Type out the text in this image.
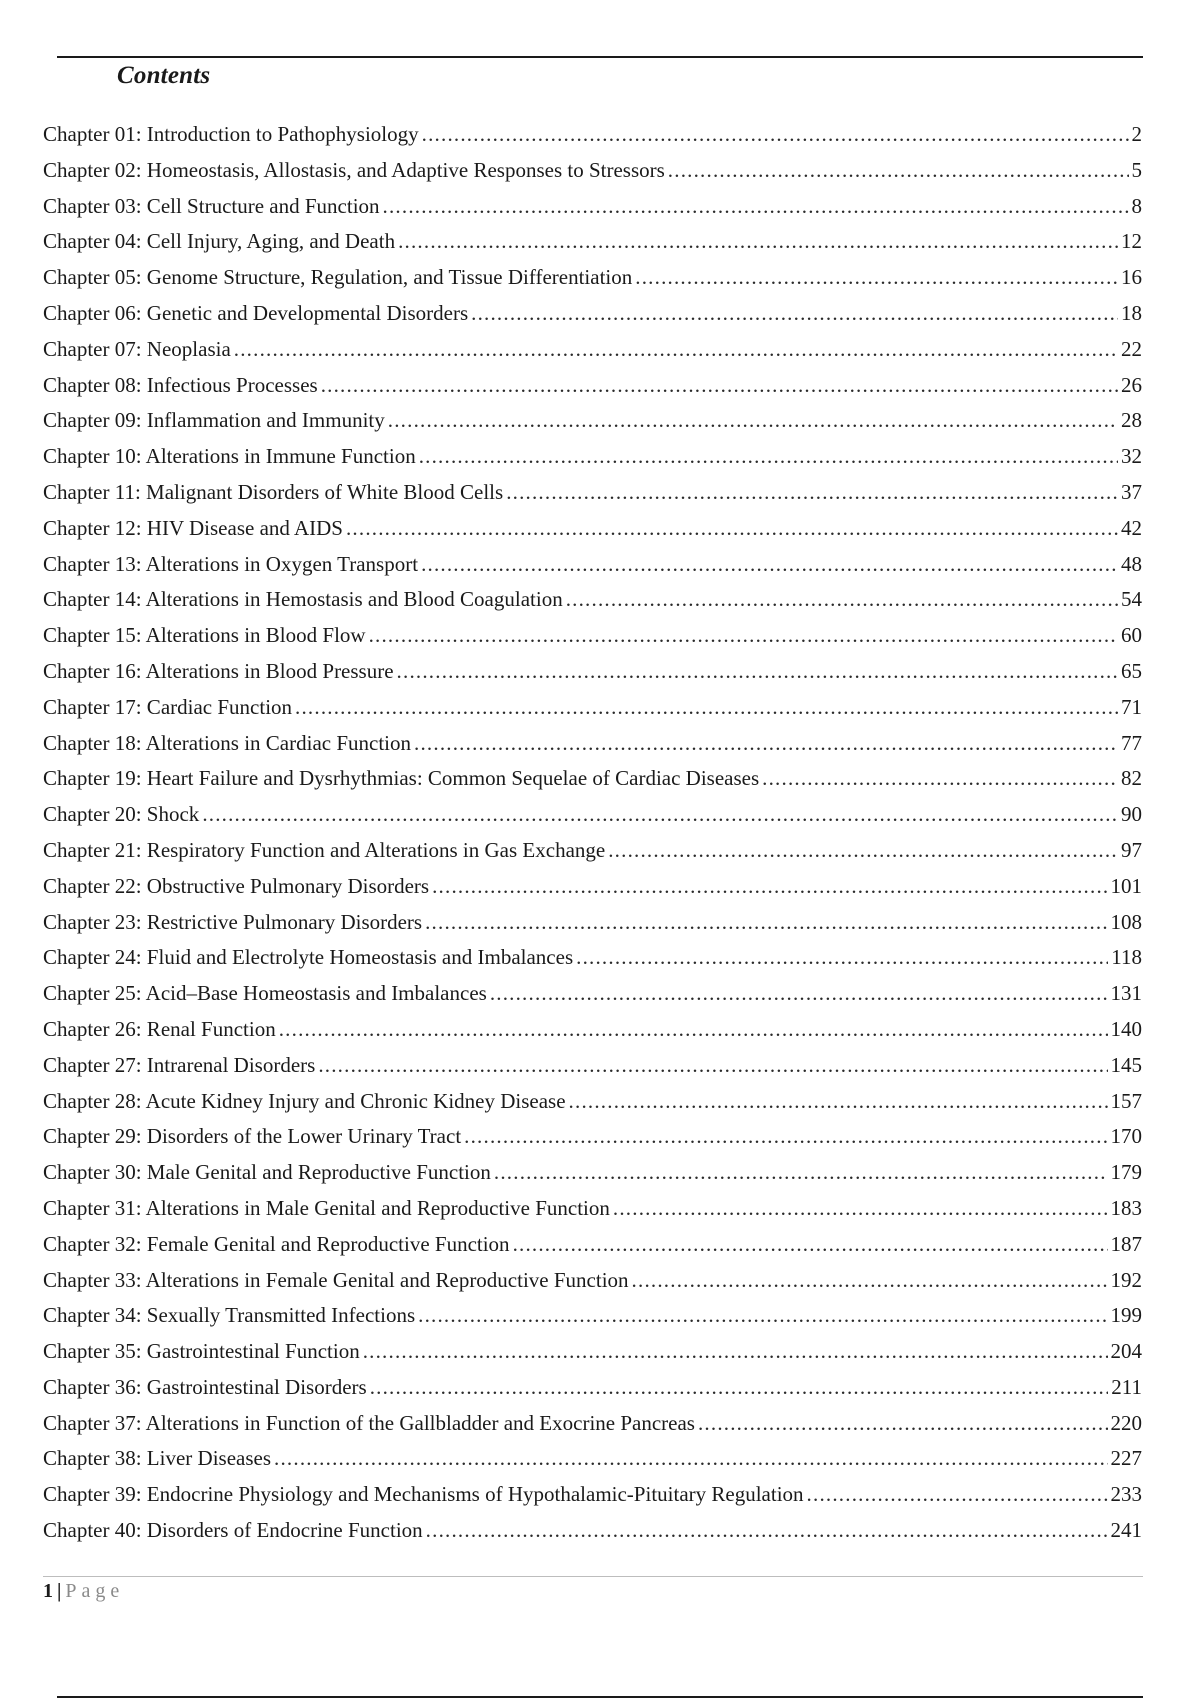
Contents
Chapter 01: Introduction to Pathophysiology .....	2
Chapter 02: Homeostasis, Allostasis, and Adaptive Responses to Stressors .....	5
Chapter 03: Cell Structure and Function .....	8
Chapter 04: Cell Injury, Aging, and Death .....	12
Chapter 05: Genome Structure, Regulation, and Tissue Differentiation .....	16
Chapter 06: Genetic and Developmental Disorders .....	18
Chapter 07: Neoplasia .....	22
Chapter 08: Infectious Processes .....	26
Chapter 09: Inflammation and Immunity .....	28
Chapter 10: Alterations in Immune Function .....	32
Chapter 11: Malignant Disorders of White Blood Cells .....	37
Chapter 12: HIV Disease and AIDS .....	42
Chapter 13: Alterations in Oxygen Transport .....	48
Chapter 14: Alterations in Hemostasis and Blood Coagulation .....	54
Chapter 15: Alterations in Blood Flow .....	60
Chapter 16: Alterations in Blood Pressure .....	65
Chapter 17: Cardiac Function .....	71
Chapter 18: Alterations in Cardiac Function .....	77
Chapter 19: Heart Failure and Dysrhythmias: Common Sequelae of Cardiac Diseases .....	82
Chapter 20: Shock .....	90
Chapter 21: Respiratory Function and Alterations in Gas Exchange .....	97
Chapter 22: Obstructive Pulmonary Disorders .....	101
Chapter 23: Restrictive Pulmonary Disorders .....	108
Chapter 24: Fluid and Electrolyte Homeostasis and Imbalances .....	118
Chapter 25: Acid–Base Homeostasis and Imbalances .....	131
Chapter 26: Renal Function .....	140
Chapter 27: Intrarenal Disorders .....	145
Chapter 28: Acute Kidney Injury and Chronic Kidney Disease .....	157
Chapter 29: Disorders of the Lower Urinary Tract .....	170
Chapter 30: Male Genital and Reproductive Function .....	179
Chapter 31: Alterations in Male Genital and Reproductive Function .....	183
Chapter 32: Female Genital and Reproductive Function .....	187
Chapter 33: Alterations in Female Genital and Reproductive Function .....	192
Chapter 34: Sexually Transmitted Infections .....	199
Chapter 35: Gastrointestinal Function .....	204
Chapter 36: Gastrointestinal Disorders .....	211
Chapter 37: Alterations in Function of the Gallbladder and Exocrine Pancreas .....	220
Chapter 38: Liver Diseases .....	227
Chapter 39: Endocrine Physiology and Mechanisms of Hypothalamic-Pituitary Regulation .....	233
Chapter 40: Disorders of Endocrine Function .....	241
1 | Page
